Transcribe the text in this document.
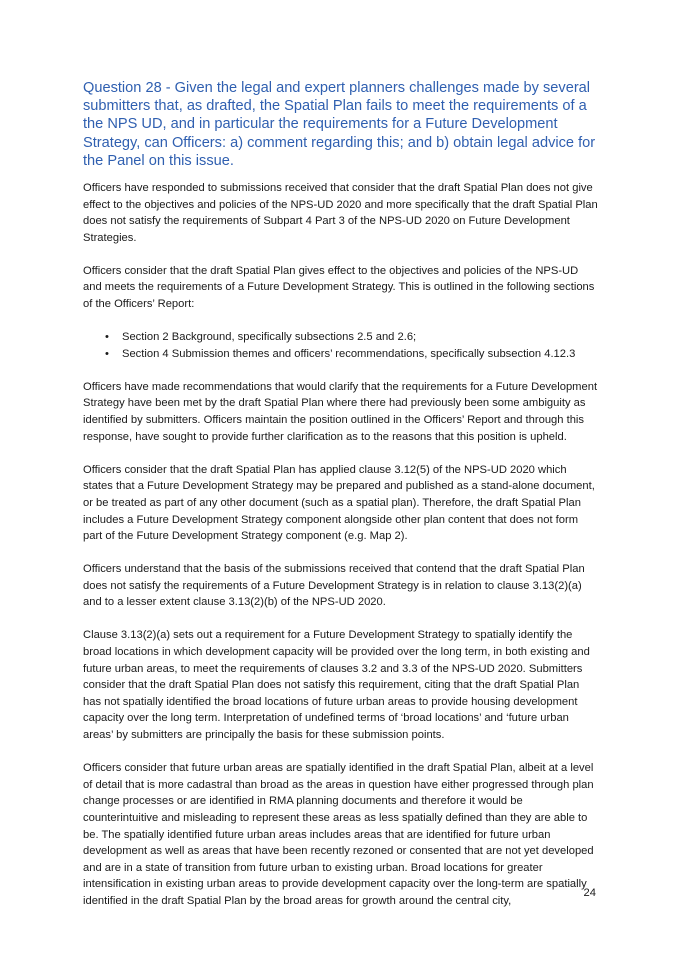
Question 28 - Given the legal and expert planners challenges made by several submitters that, as drafted, the Spatial Plan fails to meet the requirements of a the NPS UD, and in particular the requirements for a Future Development Strategy, can Officers: a) comment regarding this; and b) obtain legal advice for the Panel on this issue.

Officers have responded to submissions received that consider that the draft Spatial Plan does not give effect to the objectives and policies of the NPS-UD 2020 and more specifically that the draft Spatial Plan does not satisfy the requirements of Subpart 4 Part 3 of the NPS-UD 2020 on Future Development Strategies.

Officers consider that the draft Spatial Plan gives effect to the objectives and policies of the NPS-UD and meets the requirements of a Future Development Strategy. This is outlined in the following sections of the Officers’ Report:

• Section 2 Background, specifically subsections 2.5 and 2.6;
• Section 4 Submission themes and officers’ recommendations, specifically subsection 4.12.3

Officers have made recommendations that would clarify that the requirements for a Future Development Strategy have been met by the draft Spatial Plan where there had previously been some ambiguity as identified by submitters. Officers maintain the position outlined in the Officers’ Report and through this response, have sought to provide further clarification as to the reasons that this position is upheld.

Officers consider that the draft Spatial Plan has applied clause 3.12(5) of the NPS-UD 2020 which states that a Future Development Strategy may be prepared and published as a stand-alone document, or be treated as part of any other document (such as a spatial plan). Therefore, the draft Spatial Plan includes a Future Development Strategy component alongside other plan content that does not form part of the Future Development Strategy component (e.g. Map 2).

Officers understand that the basis of the submissions received that contend that the draft Spatial Plan does not satisfy the requirements of a Future Development Strategy is in relation to clause 3.13(2)(a) and to a lesser extent clause 3.13(2)(b) of the NPS-UD 2020.

Clause 3.13(2)(a) sets out a requirement for a Future Development Strategy to spatially identify the broad locations in which development capacity will be provided over the long term, in both existing and future urban areas, to meet the requirements of clauses 3.2 and 3.3 of the NPS-UD 2020. Submitters consider that the draft Spatial Plan does not satisfy this requirement, citing that the draft Spatial Plan has not spatially identified the broad locations of future urban areas to provide housing development capacity over the long term. Interpretation of undefined terms of ‘broad locations’ and ‘future urban areas’ by submitters are principally the basis for these submission points.

Officers consider that future urban areas are spatially identified in the draft Spatial Plan, albeit at a level of detail that is more cadastral than broad as the areas in question have either progressed through plan change processes or are identified in RMA planning documents and therefore it would be counterintuitive and misleading to represent these areas as less spatially defined than they are able to be. The spatially identified future urban areas includes areas that are identified for future urban development as well as areas that have been recently rezoned or consented that are not yet developed and are in a state of transition from future urban to existing urban. Broad locations for greater intensification in existing urban areas to provide development capacity over the long-term are spatially identified in the draft Spatial Plan by the broad areas for growth around the central city,

24
